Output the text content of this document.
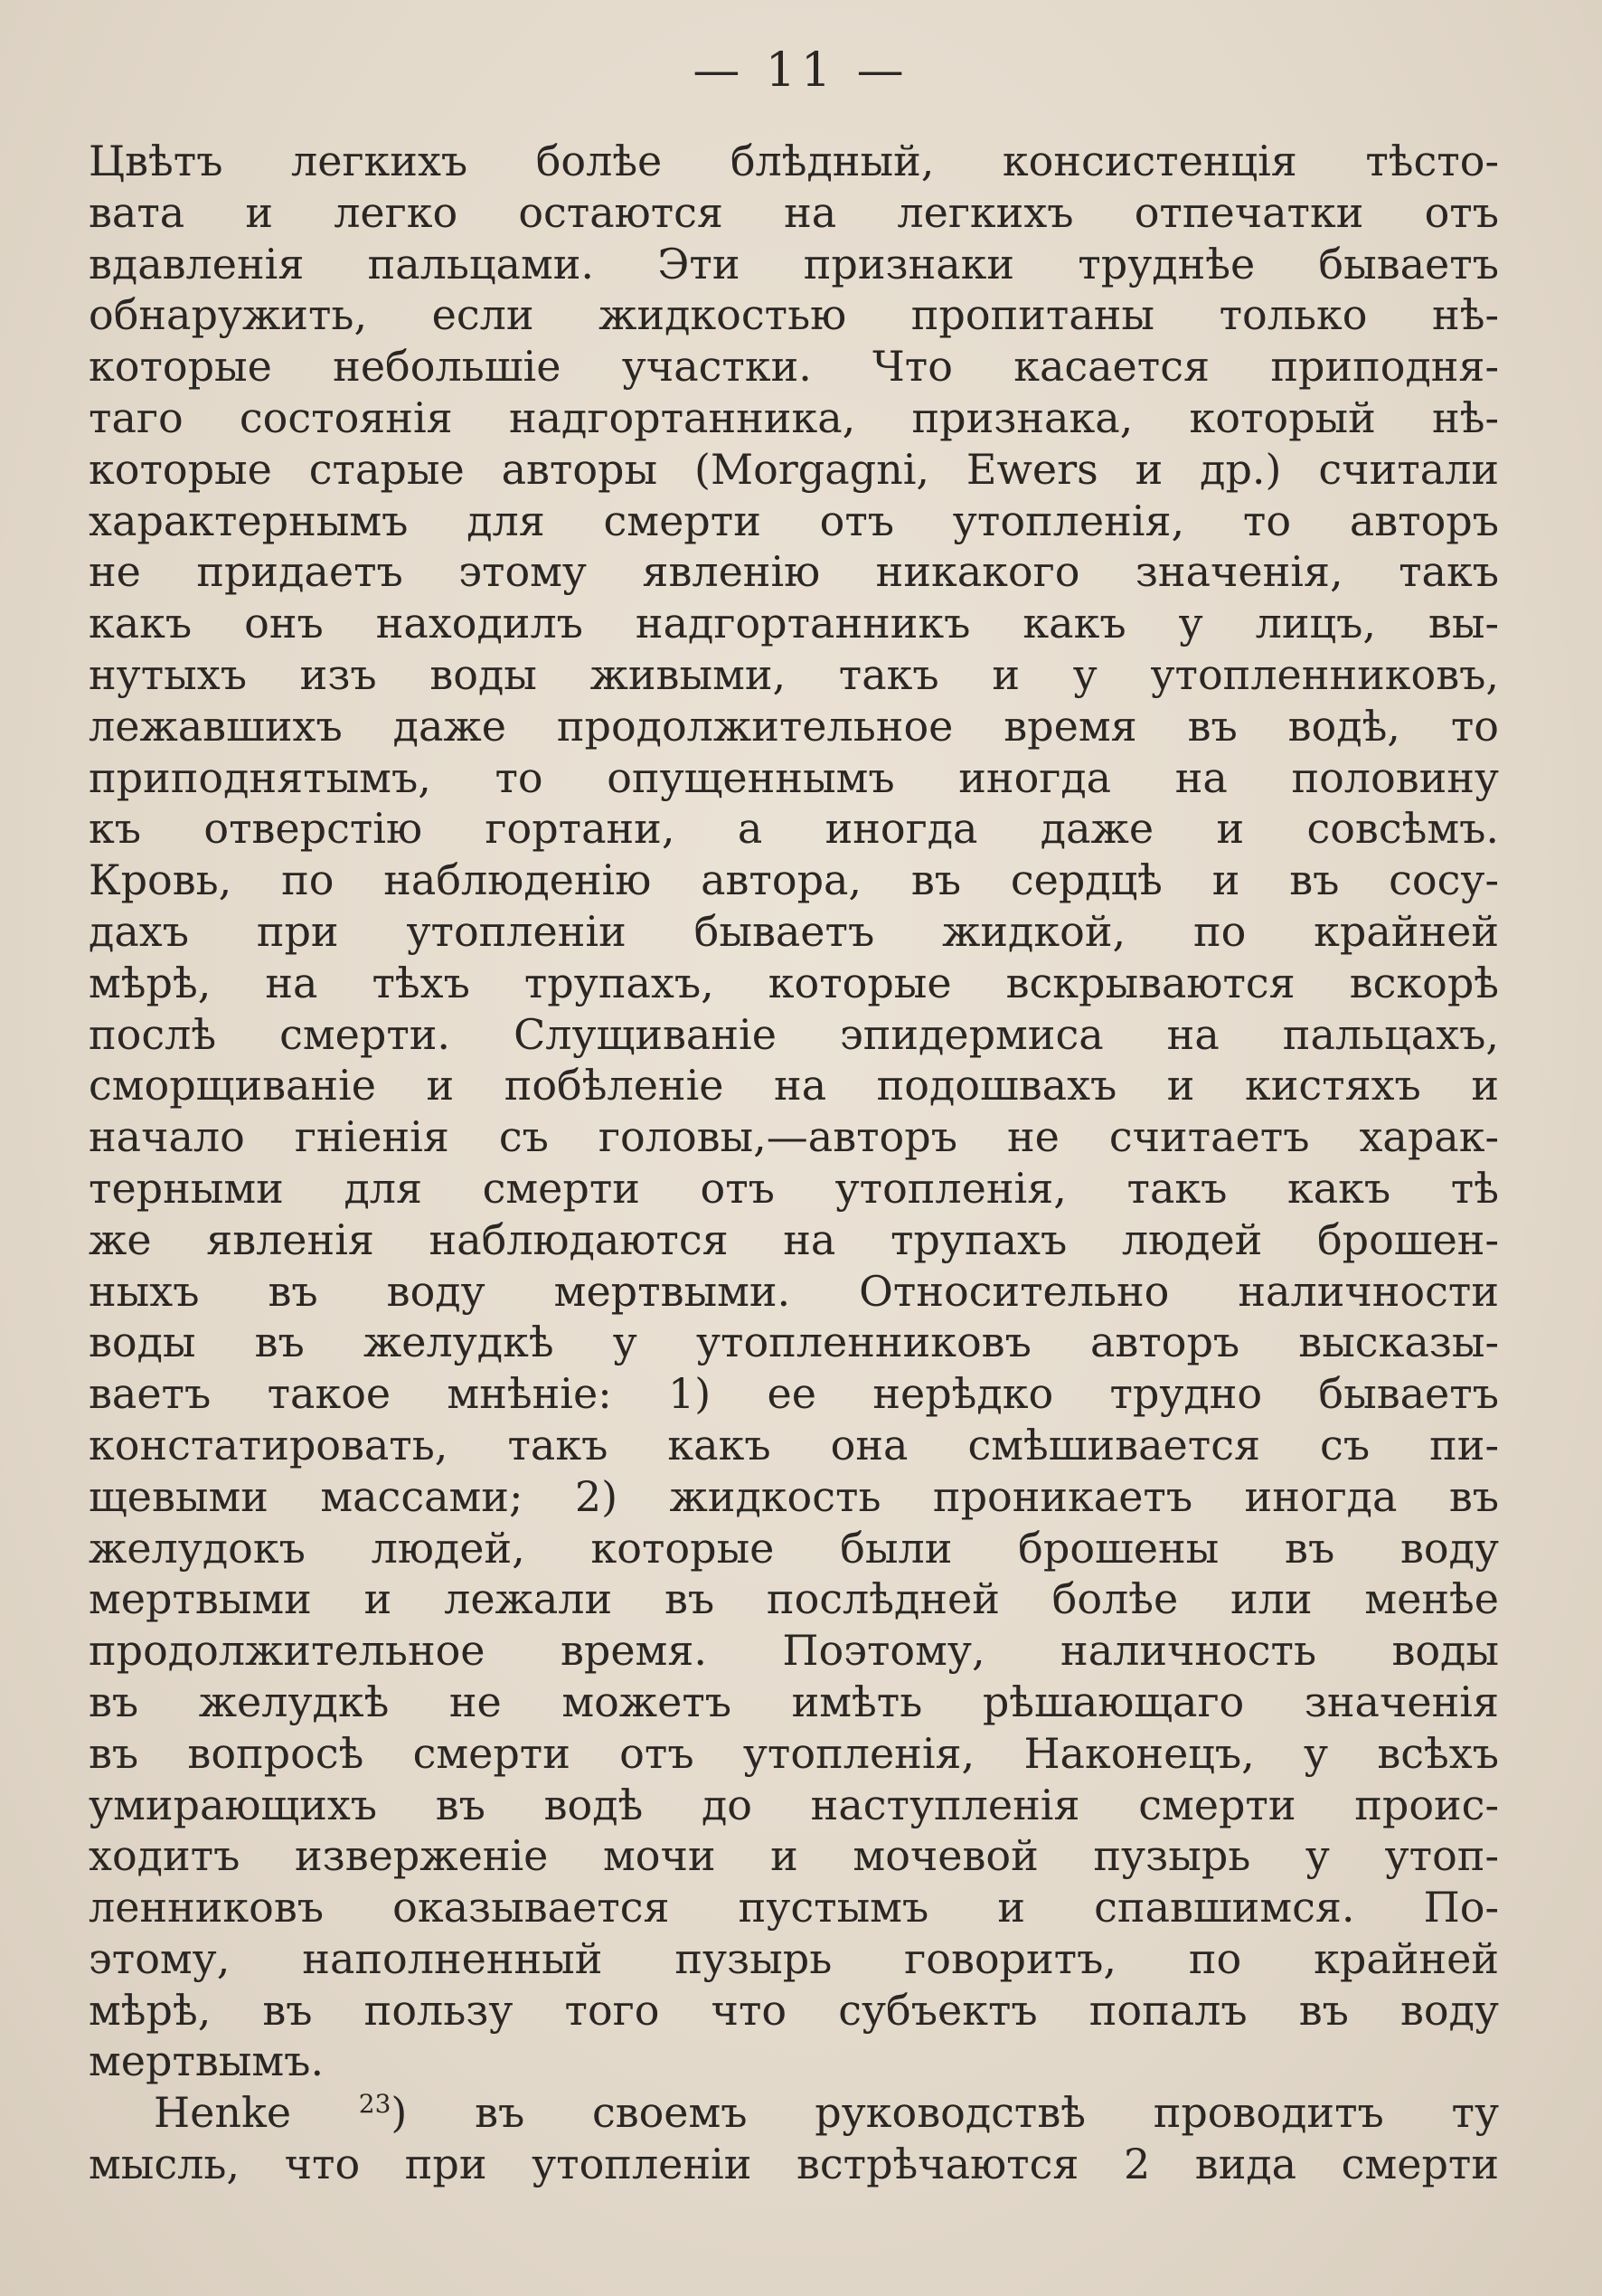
— 11 —
Цвѣтъ легкихъ болѣе блѣдный, консистенція тѣсто-
вата и легко остаются на легкихъ отпечатки отъ
вдавленія пальцами. Эти признаки труднѣе бываетъ
обнаружить, если жидкостью пропитаны только нѣ-
которые небольшіе участки. Что касается приподня-
таго состоянія надгортанника, признака, который нѣ-
которые старые авторы (Morgagni, Ewers и др.) считали
характернымъ для смерти отъ утопленія, то авторъ
не придаетъ этому явленію никакого значенія, такъ
какъ онъ находилъ надгортанникъ какъ у лицъ, вы-
нутыхъ изъ воды живыми, такъ и у утопленниковъ,
лежавшихъ даже продолжительное время въ водѣ, то
приподнятымъ, то опущеннымъ иногда на половину
къ отверстію гортани, а иногда даже и совсѣмъ.
Кровь, по наблюденію автора, въ сердцѣ и въ сосу-
дахъ при утопленіи бываетъ жидкой, по крайней
мѣрѣ, на тѣхъ трупахъ, которые вскрываются вскорѣ
послѣ смерти. Слущиваніе эпидермиса на пальцахъ,
сморщиваніе и побѣленіе на подошвахъ и кистяхъ и
начало гніенія съ головы,—авторъ не считаетъ харак-
терными для смерти отъ утопленія, такъ какъ тѣ
же явленія наблюдаются на трупахъ людей брошен-
ныхъ въ воду мертвыми. Относительно наличности
воды въ желудкѣ у утопленниковъ авторъ высказы-
ваетъ такое мнѣніе: 1) ее нерѣдко трудно бываетъ
констатировать, такъ какъ она смѣшивается съ пи-
щевыми массами; 2) жидкость проникаетъ иногда въ
желудокъ людей, которые были брошены въ воду
мертвыми и лежали въ послѣдней болѣе или менѣе
продолжительное время. Поэтому, наличность воды
въ желудкѣ не можетъ имѣть рѣшающаго значенія
въ вопросѣ смерти отъ утопленія, Наконецъ, у всѣхъ
умирающихъ въ водѣ до наступленія смерти проис-
ходитъ изверженіе мочи и мочевой пузырь у утоп-
ленниковъ оказывается пустымъ и спавшимся. По-
этому, наполненный пузырь говоритъ, по крайней
мѣрѣ, въ пользу того что субъектъ попалъ въ воду
мертвымъ.
Henke	$^{23}$) въ своемъ руководствѣ проводитъ ту
мысль, что при утопленіи встрѣчаются 2 вида смерти
